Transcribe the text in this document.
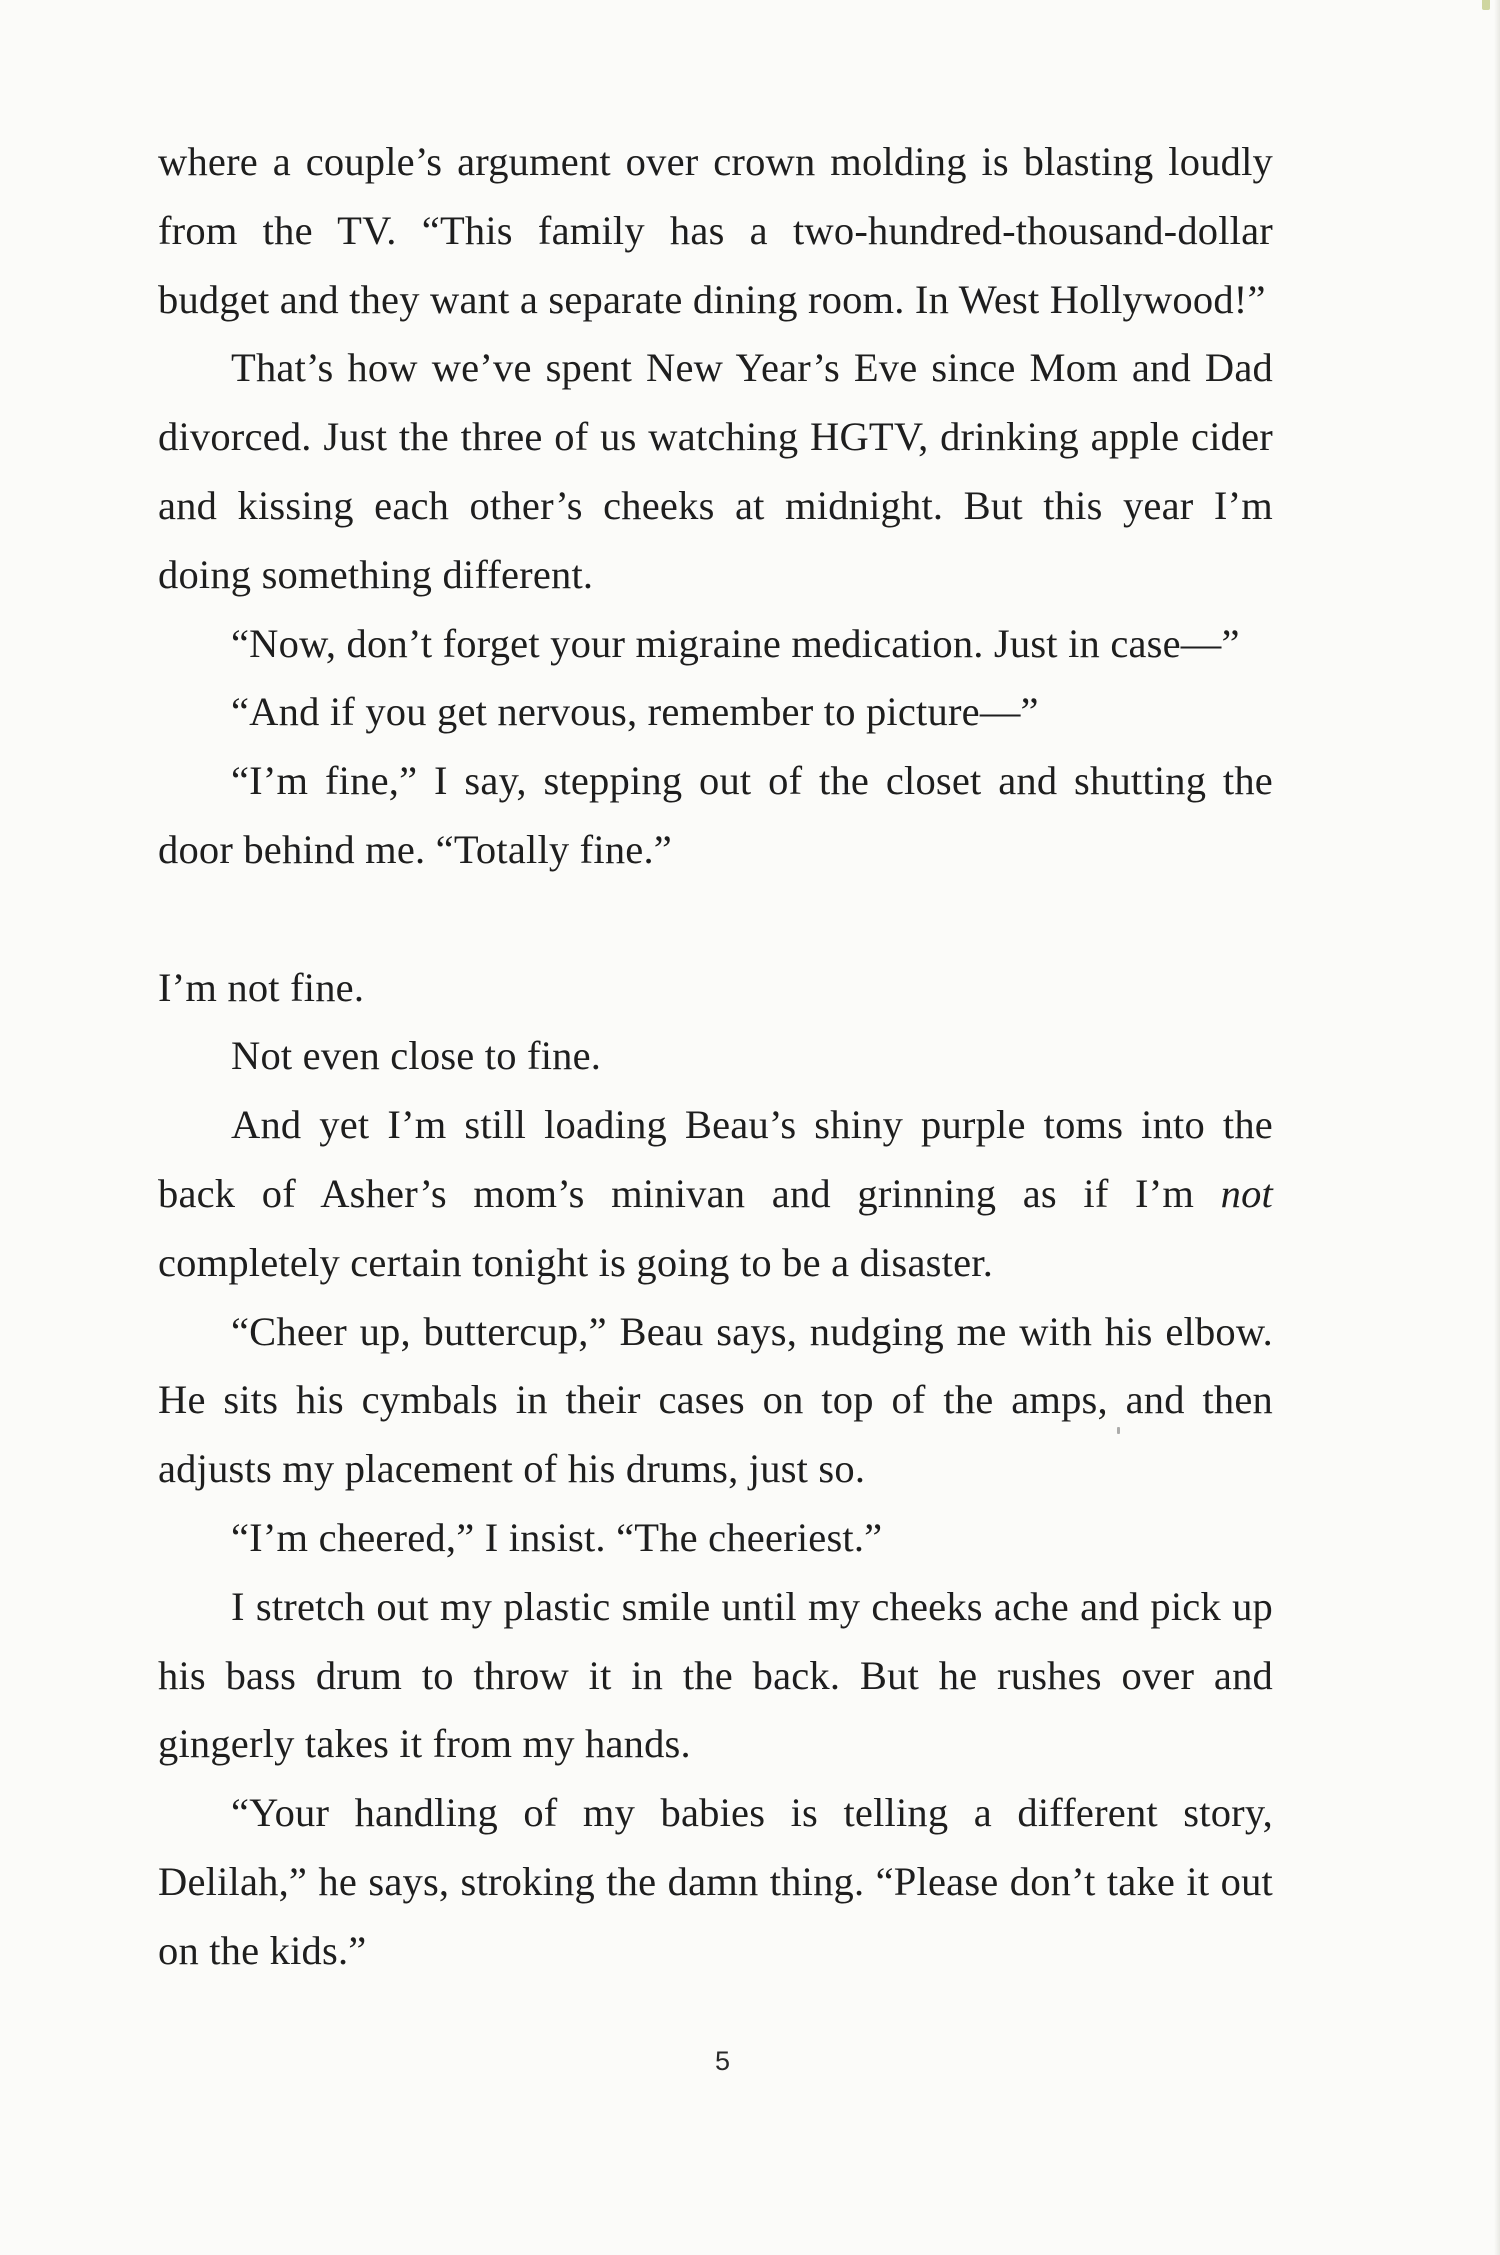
where a couple’s argument over crown molding is blasting loudly from the TV. “This family has a two-hundred-thousand-dollar budget and they want a separate dining room. In West Hollywood!”

That’s how we’ve spent New Year’s Eve since Mom and Dad divorced. Just the three of us watching HGTV, drinking apple cider and kissing each other’s cheeks at midnight. But this year I’m doing something different.

“Now, don’t forget your migraine medication. Just in case—”

“And if you get nervous, remember to picture—”

“I’m fine,” I say, stepping out of the closet and shutting the door behind me. “Totally fine.”

I’m not fine.

Not even close to fine.

And yet I’m still loading Beau’s shiny purple toms into the back of Asher’s mom’s minivan and grinning as if I’m not completely certain tonight is going to be a disaster.

“Cheer up, buttercup,” Beau says, nudging me with his elbow. He sits his cymbals in their cases on top of the amps, and then adjusts my placement of his drums, just so.

“I’m cheered,” I insist. “The cheeriest.”

I stretch out my plastic smile until my cheeks ache and pick up his bass drum to throw it in the back. But he rushes over and gingerly takes it from my hands.

“Your handling of my babies is telling a different story, Delilah,” he says, stroking the damn thing. “Please don’t take it out on the kids.”

5
